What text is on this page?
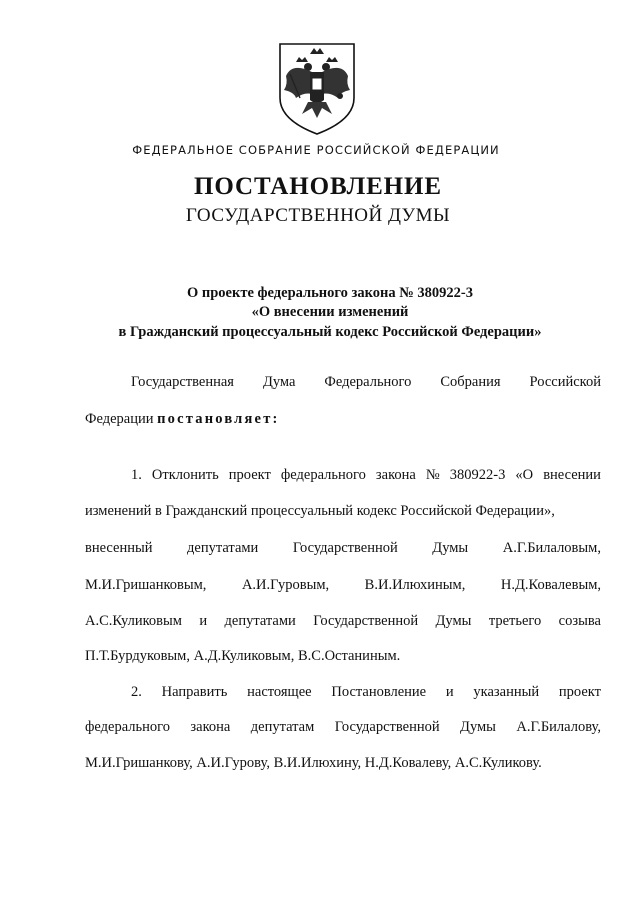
ФЕДЕРАЛЬНОЕ СОБРАНИЕ РОССИЙСКОЙ ФЕДЕРАЦИИ
ПОСТАНОВЛЕНИЕ
ГОСУДАРСТВЕННОЙ ДУМЫ
О проекте федерального закона № 380922-3
«О внесении изменений
в Гражданский процессуальный кодекс Российской Федерации»
Государственная Дума Федерального Собрания Российской
Федерации постановляет:
1. Отклонить проект федерального закона № 380922-3 «О внесении
изменений в Гражданский процессуальный кодекс Российской Федерации»,
внесенный депутатами Государственной Думы А.Г.Билаловым,
М.И.Гришанковым, А.И.Гуровым, В.И.Илюхиным, Н.Д.Ковалевым,
А.С.Куликовым и депутатами Государственной Думы третьего созыва
П.Т.Бурдуковым, А.Д.Куликовым, В.С.Останиным.
2. Направить настоящее Постановление и указанный проект
федерального закона депутатам Государственной Думы А.Г.Билалову,
М.И.Гришанкову, А.И.Гурову, В.И.Илюхину, Н.Д.Ковалеву, А.С.Куликову.
